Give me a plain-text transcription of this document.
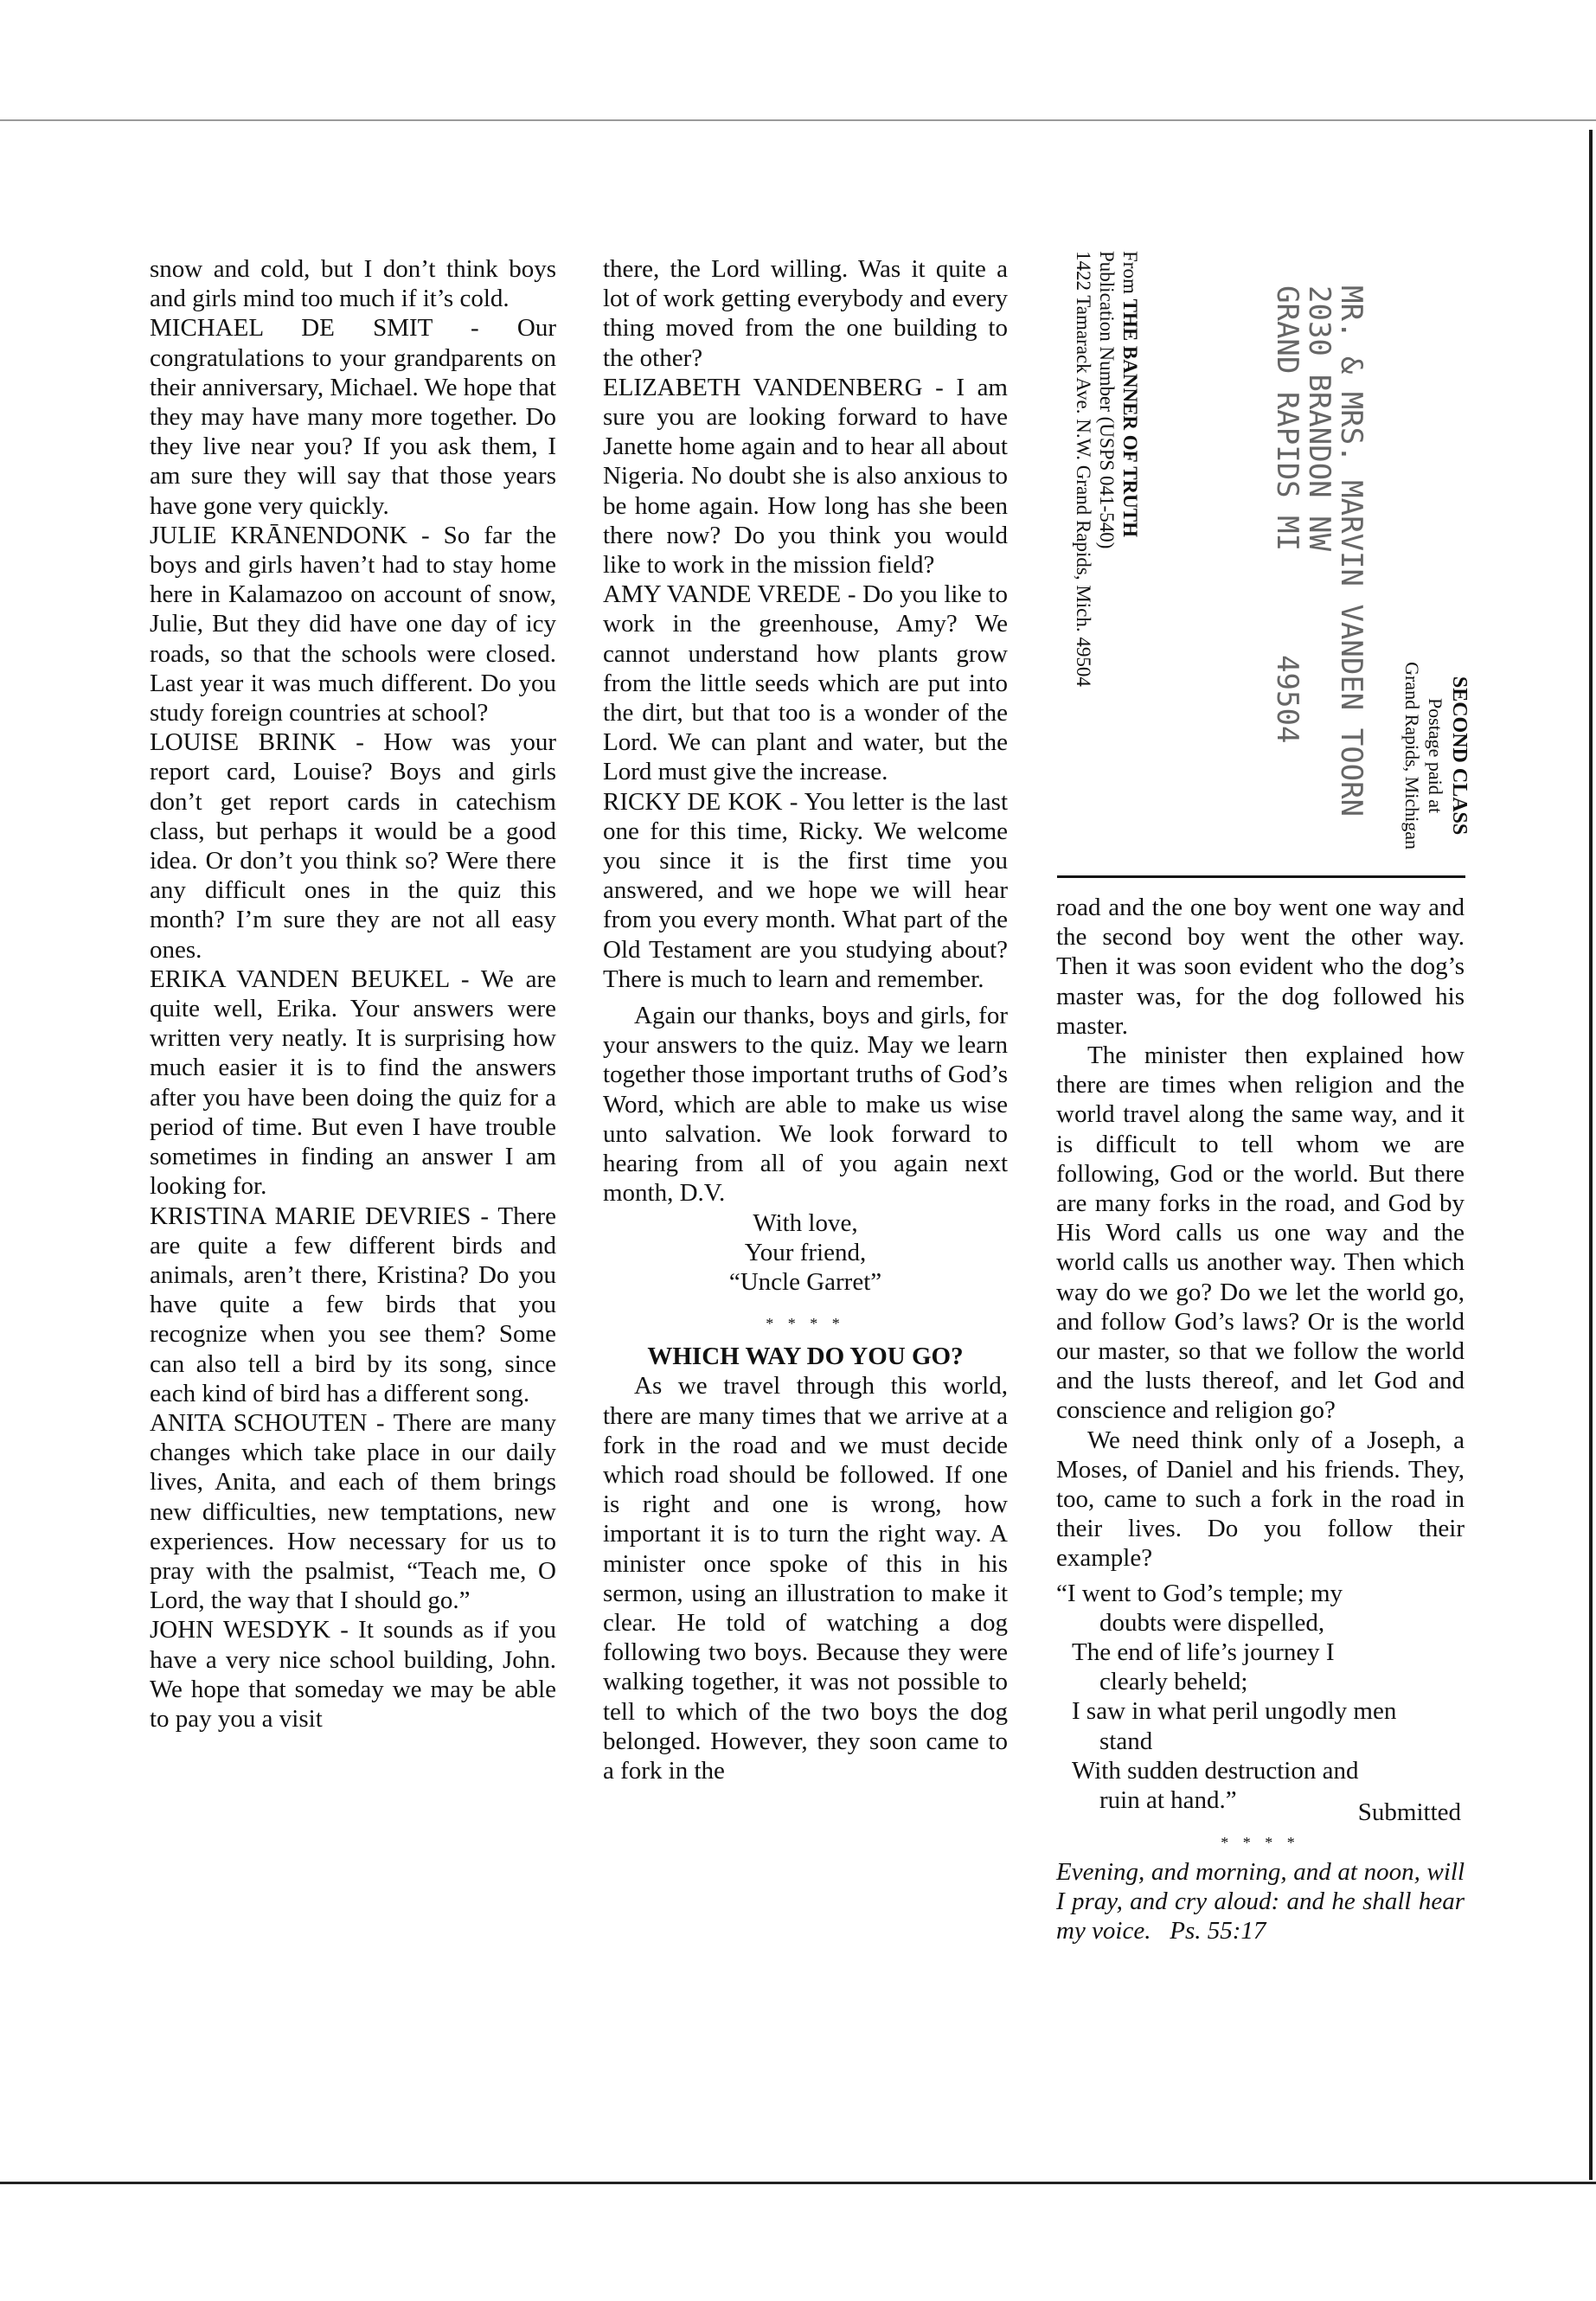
snow and cold, but I don’t think boys and girls mind too much if it’s cold.

MICHAEL DE SMIT - Our congratulations to your grandparents on their anniversary, Michael. We hope that they may have many more together. Do they live near you? If you ask them, I am sure they will say that those years have gone very quickly.

JULIE KRĀNENDONK - So far the boys and girls haven’t had to stay home here in Kalamazoo on account of snow, Julie, But they did have one day of icy roads, so that the schools were closed. Last year it was much different. Do you study foreign countries at school?

LOUISE BRINK - How was your report card, Louise? Boys and girls don’t get report cards in catechism class, but perhaps it would be a good idea. Or don’t you think so? Were there any difficult ones in the quiz this month? I’m sure they are not all easy ones.

ERIKA VANDEN BEUKEL - We are quite well, Erika. Your answers were written very neatly. It is surprising how much easier it is to find the answers after you have been doing the quiz for a period of time. But even I have trouble sometimes in finding an answer I am looking for.

KRISTINA MARIE DEVRIES - There are quite a few different birds and animals, aren’t there, Kristina? Do you have quite a few birds that you recognize when you see them? Some can also tell a bird by its song, since each kind of bird has a different song.

ANITA SCHOUTEN - There are many changes which take place in our daily lives, Anita, and each of them brings new difficulties, new temptations, new experiences. How necessary for us to pray with the psalmist, “Teach me, O Lord, the way that I should go.”

JOHN WESDYK - It sounds as if you have a very nice school building, John. We hope that someday we may be able to pay you a visit

there, the Lord willing. Was it quite a lot of work getting everybody and every thing moved from the one building to the other?

ELIZABETH VANDENBERG - I am sure you are looking forward to have Janette home again and to hear all about Nigeria. No doubt she is also anxious to be home again. How long has she been there now? Do you think you would like to work in the mission field?

AMY VANDE VREDE - Do you like to work in the greenhouse, Amy? We cannot understand how plants grow from the little seeds which are put into the dirt, but that too is a wonder of the Lord. We can plant and water, but the Lord must give the increase.

RICKY DE KOK - You letter is the last one for this time, Ricky. We welcome you since it is the first time you answered, and we hope we will hear from you every month. What part of the Old Testament are you studying about? There is much to learn and remember.

Again our thanks, boys and girls, for your answers to the quiz. May we learn together those important truths of God’s Word, which are able to make us wise unto salvation. We look forward to hearing from all of you again next month, D.V.

With love,

Your friend,

“Uncle Garret”

* * * *

WHICH WAY DO YOU GO?

As we travel through this world, there are many times that we arrive at a fork in the road and we must decide which road should be followed. If one is right and one is wrong, how important it is to turn the right way. A minister once spoke of this in his sermon, using an illustration to make it clear. He told of watching a dog following two boys. Because they were walking together, it was not possible to tell to which of the two boys the dog belonged. However, they soon came to a fork in the

SECOND CLASS
Postage paid at
Grand Rapids, Michigan
MR. & MRS. MARVIN VANDEN TOORN
2030 BRANDON NW
GRAND RAPIDS MI49504
From THE BANNER OF TRUTH
Publication Number (USPS 041-540)
1422 Tamarack Ave. N.W. Grand Rapids, Mich. 49504

road and the one boy went one way and the second boy went the other way. Then it was soon evident who the dog’s master was, for the dog followed his master.

The minister then explained how there are times when religion and the world travel along the same way, and it is difficult to tell whom we are following, God or the world. But there are many forks in the road, and God by His Word calls us one way and the world calls us another way. Then which way do we go? Do we let the world go, and follow God’s laws? Or is the world our master, so that we follow the world and the lusts thereof, and let God and conscience and religion go?

We need think only of a Joseph, a Moses, of Daniel and his friends. They, too, came to such a fork in the road in their lives. Do you follow their example?

“I went to God’s temple; my

doubts were dispelled,

The end of life’s journey I

clearly beheld;

I saw in what peril ungodly men

stand

With sudden destruction and

ruin at hand.”	Submitted

* * * *

Evening, and morning, and at noon, will I pray, and cry aloud: and he shall hear my voice. Ps. 55:17
